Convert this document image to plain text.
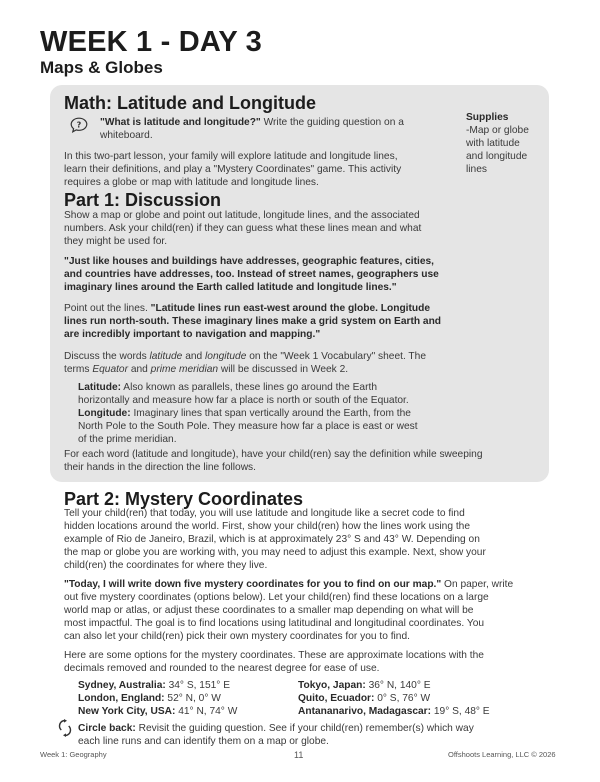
WEEK 1 - DAY 3
Maps & Globes
Math: Latitude and Longitude
? "What is latitude and longitude?" Write the guiding question on a
whiteboard.
In this two-part lesson, your family will explore latitude and longitude lines,
learn their definitions, and play a "Mystery Coordinates" game. This activity
requires a globe or map with latitude and longitude lines.
Supplies
-Map or globe
with latitude
and longitude
lines
Part 1: Discussion
Show a map or globe and point out latitude, longitude lines, and the associated
numbers. Ask your child(ren) if they can guess what these lines mean and what
they might be used for.
"Just like houses and buildings have addresses, geographic features, cities,
and countries have addresses, too. Instead of street names, geographers use
imaginary lines around the Earth called latitude and longitude lines."
Point out the lines. "Latitude lines run east-west around the globe. Longitude
lines run north-south. These imaginary lines make a grid system on Earth and
are incredibly important to navigation and mapping."
Discuss the words latitude and longitude on the "Week 1 Vocabulary" sheet. The
terms Equator and prime meridian will be discussed in Week 2.
Latitude: Also known as parallels, these lines go around the Earth
horizontally and measure how far a place is north or south of the Equator.
Longitude: Imaginary lines that span vertically around the Earth, from the
North Pole to the South Pole. They measure how far a place is east or west
of the prime meridian.
For each word (latitude and longitude), have your child(ren) say the definition while sweeping
their hands in the direction the line follows.
Part 2: Mystery Coordinates
Tell your child(ren) that today, you will use latitude and longitude like a secret code to find
hidden locations around the world. First, show your child(ren) how the lines work using the
example of Rio de Janeiro, Brazil, which is at approximately 23° S and 43° W. Depending on
the map or globe you are working with, you may need to adjust this example. Next, show your
child(ren) the coordinates for where they live.
"Today, I will write down five mystery coordinates for you to find on our map." On paper, write
out five mystery coordinates (options below). Let your child(ren) find these locations on a large
world map or atlas, or adjust these coordinates to a smaller map depending on what will be
most impactful. The goal is to find locations using latitudinal and longitudinal coordinates. You
can also let your child(ren) pick their own mystery coordinates for you to find.
Here are some options for the mystery coordinates. These are approximate locations with the
decimals removed and rounded to the nearest degree for ease of use.
Sydney, Australia: 34° S, 151° E
London, England: 52° N, 0° W
New York City, USA: 41° N, 74° W
Tokyo, Japan: 36° N, 140° E
Quito, Ecuador: 0° S, 76° W
Antananarivo, Madagascar: 19° S, 48° E
Circle back: Revisit the guiding question. See if your child(ren) remember(s) which way
each line runs and can identify them on a map or globe.
Week 1: Geography	11	Offshoots Learning, LLC © 2026
